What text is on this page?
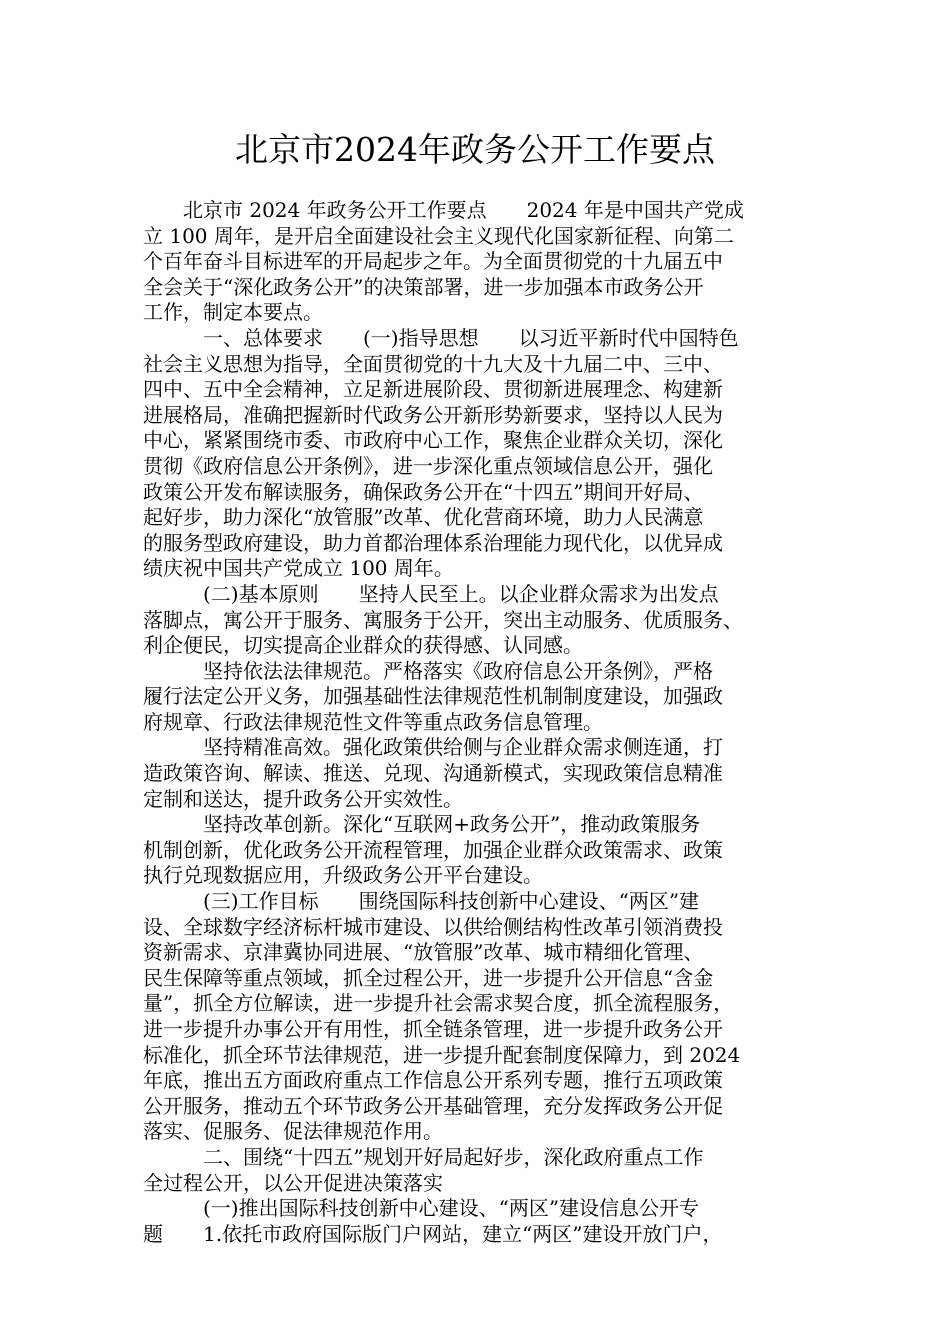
北京市2024年政务公开工作要点
　　北京市 2024 年政务公开工作要点　　2024 年是中国共产党成
立 100 周年，是开启全面建设社会主义现代化国家新征程、向第二
个百年奋斗目标进军的开局起步之年。为全面贯彻党的十九届五中
全会关于“深化政务公开”的决策部署，进一步加强本市政务公开
工作，制定本要点。
　　　一、总体要求　　(一)指导思想　　以习近平新时代中国特色
社会主义思想为指导，全面贯彻党的十九大及十九届二中、三中、
四中、五中全会精神，立足新进展阶段、贯彻新进展理念、构建新
进展格局，准确把握新时代政务公开新形势新要求，坚持以人民为
中心，紧紧围绕市委、市政府中心工作，聚焦企业群众关切，深化
贯彻《政府信息公开条例》，进一步深化重点领域信息公开，强化
政策公开发布解读服务，确保政务公开在“十四五”期间开好局、
起好步，助力深化“放管服”改革、优化营商环境，助力人民满意
的服务型政府建设，助力首都治理体系治理能力现代化，以优异成
绩庆祝中国共产党成立 100 周年。
　　　(二)基本原则　　坚持人民至上。以企业群众需求为出发点
落脚点，寓公开于服务、寓服务于公开，突出主动服务、优质服务、
利企便民，切实提高企业群众的获得感、认同感。
　　　坚持依法法律规范。严格落实《政府信息公开条例》，严格
履行法定公开义务，加强基础性法律规范性机制制度建设，加强政
府规章、行政法律规范性文件等重点政务信息管理。
　　　坚持精准高效。强化政策供给侧与企业群众需求侧连通，打
造政策咨询、解读、推送、兑现、沟通新模式，实现政策信息精准
定制和送达，提升政务公开实效性。
　　　坚持改革创新。深化“互联网+政务公开”，推动政策服务
机制创新，优化政务公开流程管理，加强企业群众政策需求、政策
执行兑现数据应用，升级政务公开平台建设。
　　　(三)工作目标　　围绕国际科技创新中心建设、“两区”建
设、全球数字经济标杆城市建设、以供给侧结构性改革引领消费投
资新需求、京津冀协同进展、“放管服”改革、城市精细化管理、
民生保障等重点领域，抓全过程公开，进一步提升公开信息“含金
量”，抓全方位解读，进一步提升社会需求契合度，抓全流程服务，
进一步提升办事公开有用性，抓全链条管理，进一步提升政务公开
标准化，抓全环节法律规范，进一步提升配套制度保障力，到 2024
年底，推出五方面政府重点工作信息公开系列专题，推行五项政策
公开服务，推动五个环节政务公开基础管理，充分发挥政务公开促
落实、促服务、促法律规范作用。
　　　二、围绕“十四五”规划开好局起好步，深化政府重点工作
全过程公开，以公开促进决策落实
　　　(一)推出国际科技创新中心建设、“两区”建设信息公开专
题　　1.依托市政府国际版门户网站，建立“两区”建设开放门户，
